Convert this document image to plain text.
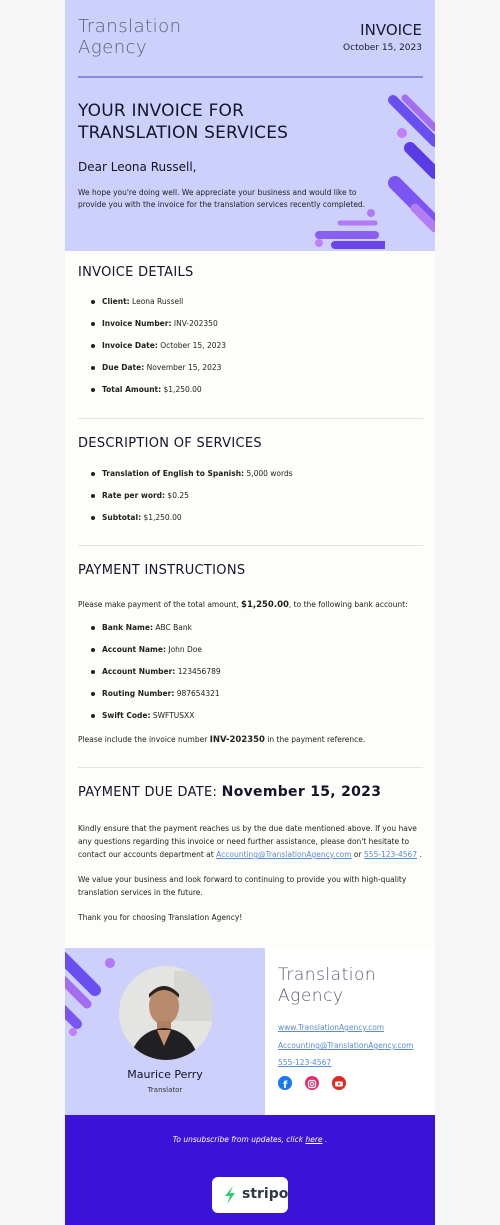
Translation Agency
INVOICE
October 15, 2023
YOUR INVOICE FOR TRANSLATION SERVICES
Dear Leona Russell,
We hope you're doing well. We appreciate your business and would like to provide you with the invoice for the translation services recently completed.
INVOICE DETAILS
Client: Leona Russell
Invoice Number: INV-202350
Invoice Date: October 15, 2023
Due Date: November 15, 2023
Total Amount: $1,250.00
DESCRIPTION OF SERVICES
Translation of English to Spanish: 5,000 words
Rate per word: $0.25
Subtotal: $1,250.00
PAYMENT INSTRUCTIONS
Please make payment of the total amount, $1,250.00, to the following bank account:
Bank Name: ABC Bank
Account Name: John Doe
Account Number: 123456789
Routing Number: 987654321
Swift Code: SWFTUSXX
Please include the invoice number INV-202350 in the payment reference.
PAYMENT DUE DATE: November 15, 2023
Kindly ensure that the payment reaches us by the due date mentioned above. If you have any questions regarding this invoice or need further assistance, please don't hesitate to contact our accounts department at Accounting@TranslationAgency.com or 555-123-4567 .
We value your business and look forward to continuing to provide you with high-quality translation services in the future.
Thank you for choosing Translation Agency!
Maurice Perry
Translator
Translation Agency
www.TranslationAgency.com
Accounting@TranslationAgency.com
555-123-4567
f
To unsubscribe from updates, click here .
stripo
